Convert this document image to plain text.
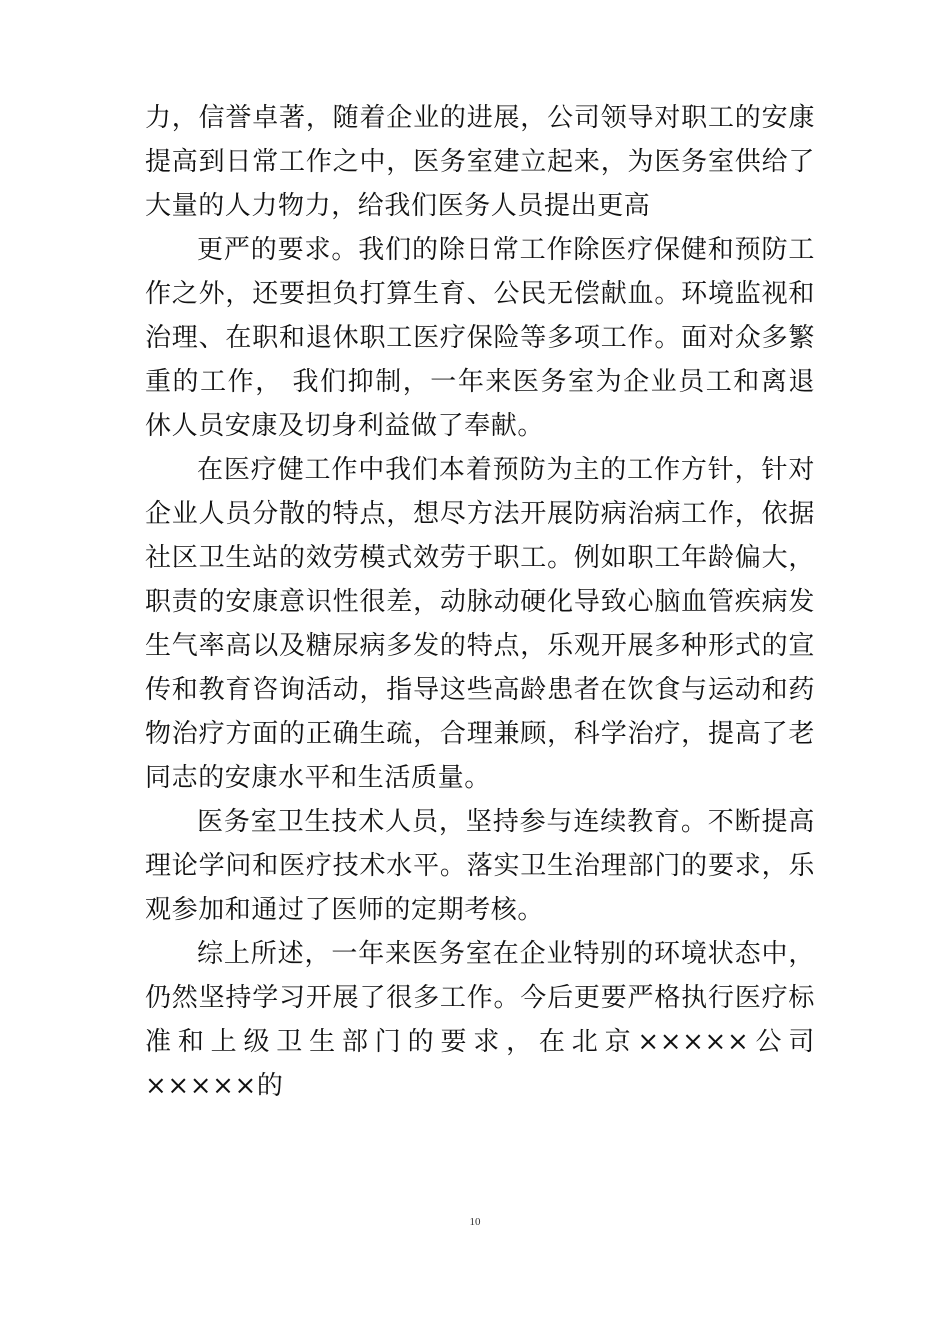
力，信誉卓著，随着企业的进展，公司领导对职工的安康提高到日常工作之中，医务室建立起来，为医务室供给了大量的人力物力，给我们医务人员提出更高

更严的要求。我们的除日常工作除医疗保健和预防工作之外，还要担负打算生育、公民无偿献血。环境监视和治理、在职和退休职工医疗保险等多项工作。面对众多繁重的工作， 我们抑制，一年来医务室为企业员工和离退休人员安康及切身利益做了奉献。

在医疗健工作中我们本着预防为主的工作方针，针对企业人员分散的特点，想尽方法开展防病治病工作，依据社区卫生站的效劳模式效劳于职工。例如职工年龄偏大，职责的安康意识性很差，动脉动硬化导致心脑血管疾病发生气率高以及糖尿病多发的特点，乐观开展多种形式的宣传和教育咨询活动，指导这些高龄患者在饮食与运动和药物治疗方面的正确生疏，合理兼顾，科学治疗，提高了老同志的安康水平和生活质量。

医务室卫生技术人员，坚持参与连续教育。不断提高理论学问和医疗技术水平。落实卫生治理部门的要求，乐观参加和通过了医师的定期考核。

综上所述，一年来医务室在企业特别的环境状态中，仍然坚持学习开展了很多工作。今后更要严格执行医疗标准和上级卫生部门的要求，在北京×××××公司×××××的

10
